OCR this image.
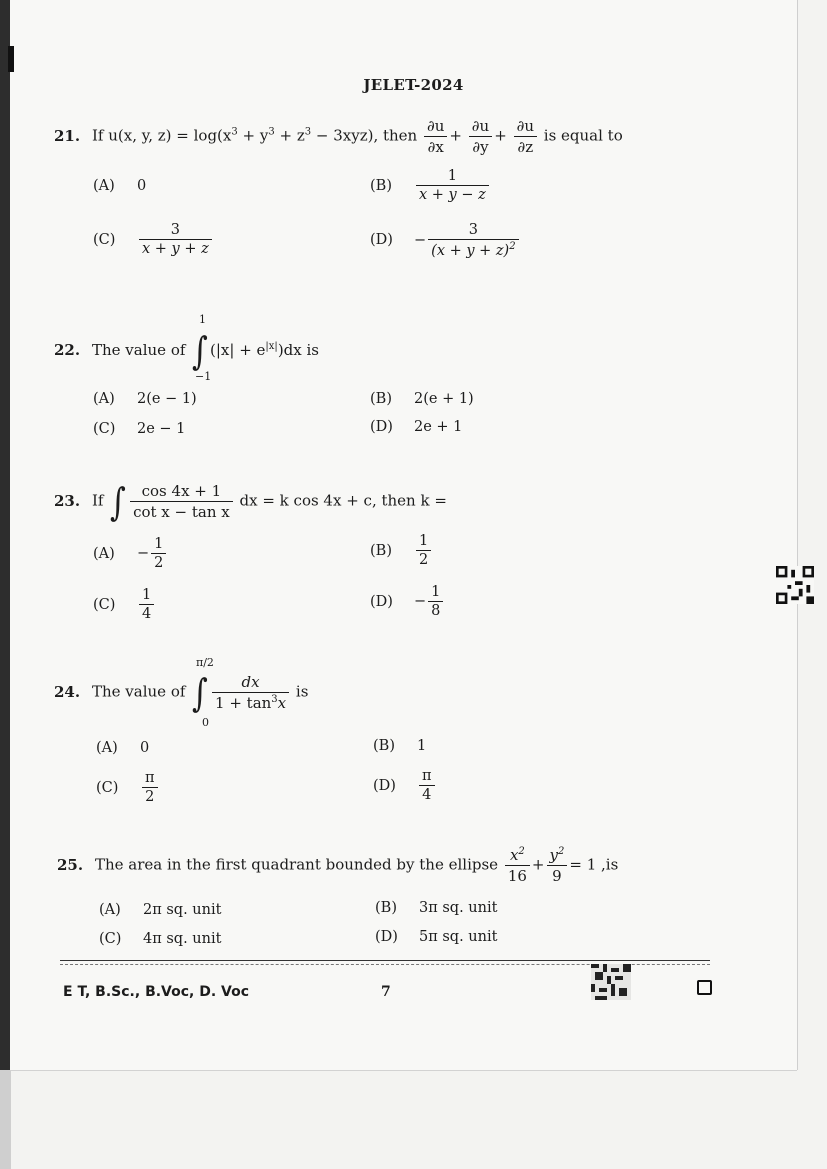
JELET-2024
21. If u(x, y, $z) = \log(x^3 + y^3 + z^3 - 3xyz)$, then $\frac{\partial u}{\partial x} + \frac{\partial u}{\partial y} + \frac{\partial u}{\partial z}$ is equal to
(A) 0	$(B) \frac{1}{x + y - z}$
$(C) \frac{3}{x + y + z}$	$(D) - \frac{3}{(x + y + z)^2}$
22. The value of ∫ $(|x| + e^{|x|})dx$ is
1
−1
(A) 2(e − 1)	(B) 2(e + 1)
(C) 2e − 1	(D) 2e + 1
23. If ∫ $\frac{\cos 4x + 1}{\text{cot x − tan x}}$ dx = k cos 4x + c, then k =
$(A) - \frac{1}{2}$	$(B) \frac{1}{2}$
$(C) \frac{1}{4}$	$(D) - \frac{1}{8}$
24. The value of ∫ $\frac{dx}{1 + \tan^3x}$ is
π/2
0
(A) 0	(B) 1
$(C) \frac{\pi}{2}$	$(D) \frac{\pi}{4}$
25. The area in the first quadrant bounded by the ellipse $\frac{x^2}{16} + \frac{y^2}{9} = 1$ ,is
(A) 2π sq. unit	(B) 3π sq. unit
(C) 4π sq. unit	(D) 5π sq. unit
E T, B.Sc., B.Voc, D. Voc	7
